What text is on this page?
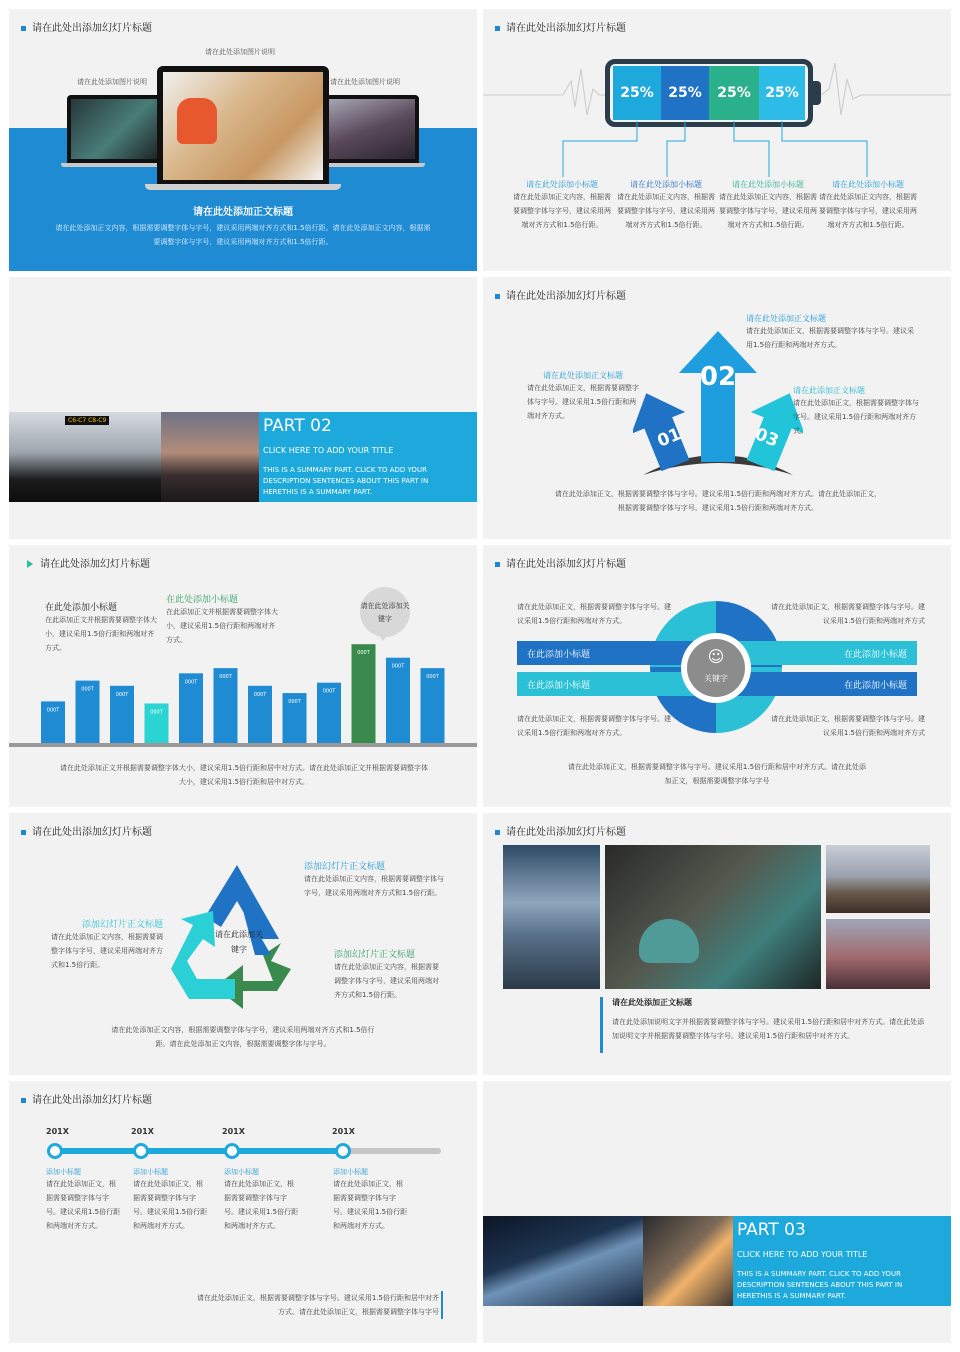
请在此处出添加幻灯片标题
请在此处添加图片说明
请在此处添加图片说明	请在此处添加图片说明
请在此处添加正文标题
请在此处添加正文内容，根据需要调整字体与字号，建议采用两端对齐方式和1.5倍行距。请在此处添加正文内容，根据需要调整字体与字号，建议采用两端对齐方式和1.5倍行距。
请在此处出添加幻灯片标题
25%	25%	25%	25%
请在此处添加小标题
请在此处添加正文内容，根据需要调整字体与字号，建议采用两端对齐方式和1.5倍行距。
请在此处添加小标题
请在此处添加正文内容，根据需要调整字体与字号，建议采用两端对齐方式和1.5倍行距。
请在此处添加小标题
请在此处添加正文内容，根据需要调整字体与字号，建议采用两端对齐方式和1.5倍行距。
请在此处添加小标题
请在此处添加正文内容，根据需要调整字体与字号，建议采用两端对齐方式和1.5倍行距。
C6-C7 C8-C9	PART 02
CLICK HERE TO ADD YOUR TITLE
THIS IS A SUMMARY PART. CLICK TO ADD YOUR DESCRIPTION SENTENCES ABOUT THIS PART IN HERETHIS IS A SUMMARY PART.
请在此处出添加幻灯片标题
02
01	03
请在此处添加正文标题
请在此处添加正文，根据需要调整字体与字号。建议采用1.5倍行距和两端对齐方式。
请在此处添加正文标题
请在此处添加正文，根据需要调整字体与字号。建议采用1.5倍行距和两端对齐方式。
请在此添加正文标题
请在此处添加正文，根据需要调整字体与字号。建议采用1.5倍行距和两端对齐方式。
请在此处添加正文，根据需要调整字体与字号。建议采用1.5倍行距和两端对齐方式。请在此处添加正文，根据需要调整字体与字号。建议采用1.5倍行距和两端对齐方式。
请在此处添加幻灯片标题
在此处添加小标题
在此添加正文并根据需要调整字体大小，建议采用1.5倍行距和两端对齐方式。
在此处添加小标题
在此添加正文并根据需要调整字体大小，建议采用1.5倍行距和两端对齐方式。
请在此处添加关键字
000T
000T
000T
000T
000T
000T
000T
000T
000T
000T
000T
000T
请在此处添加正文并根据需要调整字体大小，建议采用1.5倍行距和居中对方式。请在此处添加正文并根据需要调整字体大小，建议采用1.5倍行距和居中对方式。
请在此处出添加幻灯片标题
请在此处添加正文，根据需要调整字体与字号。建议采用1.5倍行距和两端对齐方式。
请在此处添加正文，根据需要调整字体与字号。建议采用1.5倍行距和两端对齐方式
请在此处添加正文，根据需要调整字体与字号。建议采用1.5倍行距和两端对齐方式。
请在此处添加正文，根据需要调整字体与字号。建议采用1.5倍行距和两端对齐方式
在此添加小标题	在此添加小标题
在此添加小标题	在此添加小标题
☺
关键字
请在此处添加正文，根据需要调整字体与字号。建议采用1.5倍行距和居中对齐方式。请在此处添加正文，根据需要调整字体与字号
请在此处出添加幻灯片标题
请在此添加关键字
添加幻灯片正文标题
请在此处添加正文内容，根据需要调整字体与字号，建议采用两端对齐方式和1.5倍行距。
添加幻灯片正文标题
请在此处添加正文内容，根据需要调整字体与字号，建议采用两端对齐方式和1.5倍行距。
添加幻灯片正文标题
请在此处添加正文内容，根据需要调整字体与字号，建议采用两端对齐方式和1.5倍行距。
请在此处添加正文内容，根据需要调整字体与字号，建议采用两端对齐方式和1.5倍行距。请在此处添加正文内容，根据需要调整字体与字号。
请在此处出添加幻灯片标题
请在此处添加正文标题
请在此处添加说明文字并根据需要调整字体与字号。建议采用1.5倍行距和居中对齐方式。请在此处添加说明文字并根据需要调整字体与字号。建议采用1.5倍行距和居中对齐方式。
请在此处出添加幻灯片标题
201X	201X	201X	201X
添加小标题
请在此处添加正文，根据需要调整字体与字号。建议采用1.5倍行距和两端对齐方式。
添加小标题
请在此处添加正文，根据需要调整字体与字号。建议采用1.5倍行距和两端对齐方式。
添加小标题
请在此处添加正文，根据需要调整字体与字号。建议采用1.5倍行距和两端对齐方式。
添加小标题
请在此处添加正文，根据需要调整字体与字号。建议采用1.5倍行距和两端对齐方式。
请在此处添加正文，根据需要调整字体与字号。建议采用1.5倍行距和居中对齐方式。请在此处添加正文，根据需要调整字体与字号
PART 03
CLICK HERE TO ADD YOUR TITLE
THIS IS A SUMMARY PART. CLICK TO ADD YOUR DESCRIPTION SENTENCES ABOUT THIS PART IN HERETHIS IS A SUMMARY PART.
